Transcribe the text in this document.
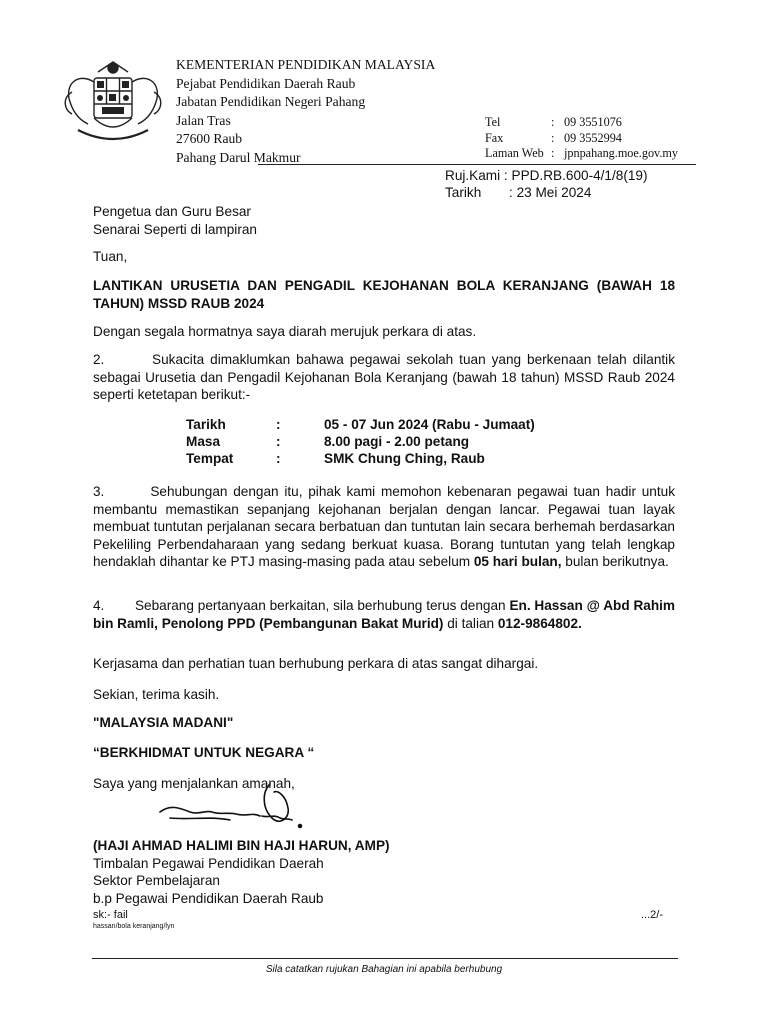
KEMENTERIAN PENDIDIKAN MALAYSIA
Pejabat Pendidikan Daerah Raub
Jabatan Pendidikan Negeri Pahang
Jalan Tras
27600 Raub
Pahang Darul Makmur
Tel	: 09 3551076
Fax	: 09 3552994
Laman Web : jpnpahang.moe.gov.my
Ruj.Kami : PPD.RB.600-4/1/8(19)
Tarikh	: 23 Mei 2024
Pengetua dan Guru Besar
Senarai Seperti di lampiran
Tuan,
LANTIKAN URUSETIA DAN PENGADIL KEJOHANAN BOLA KERANJANG (BAWAH 18 TAHUN) MSSD RAUB 2024
Dengan segala hormatnya saya diarah merujuk perkara di atas.
2.        Sukacita dimaklumkan bahawa pegawai sekolah tuan yang berkenaan telah dilantik sebagai Urusetia dan Pengadil Kejohanan Bola Keranjang (bawah 18 tahun) MSSD Raub 2024 seperti ketetapan berikut:-
Tarikh	:	05 - 07 Jun 2024 (Rabu - Jumaat)
Masa	:	8.00 pagi - 2.00 petang
Tempat	:	SMK Chung Ching, Raub
3.        Sehubungan dengan itu, pihak kami memohon kebenaran pegawai tuan hadir untuk membantu memastikan sepanjang kejohanan berjalan dengan lancar. Pegawai tuan layak membuat tuntutan perjalanan secara berbatuan dan tuntutan lain secara berhemah berdasarkan Pekeliling Perbendaharaan yang sedang berkuat kuasa. Borang tuntutan yang telah lengkap hendaklah dihantar ke PTJ masing-masing pada atau sebelum 05 hari bulan, bulan berikutnya.
4.        Sebarang pertanyaan berkaitan, sila berhubung terus dengan En. Hassan @ Abd Rahim bin Ramli, Penolong PPD (Pembangunan Bakat Murid) di talian 012-9864802.
Kerjasama dan perhatian tuan berhubung perkara di atas sangat dihargai.
Sekian, terima kasih.
"MALAYSIA MADANI"
“BERKHIDMAT UNTUK NEGARA “
Saya yang menjalankan amanah,
(HAJI AHMAD HALIMI BIN HAJI HARUN, AMP)
Timbalan Pegawai Pendidikan Daerah
Sektor Pembelajaran
b.p Pegawai Pendidikan Daerah Raub
sk:- fail
hassan/bola keranjang/lyn
...2/-
Sila catatkan rujukan Bahagian ini apabila berhubung
